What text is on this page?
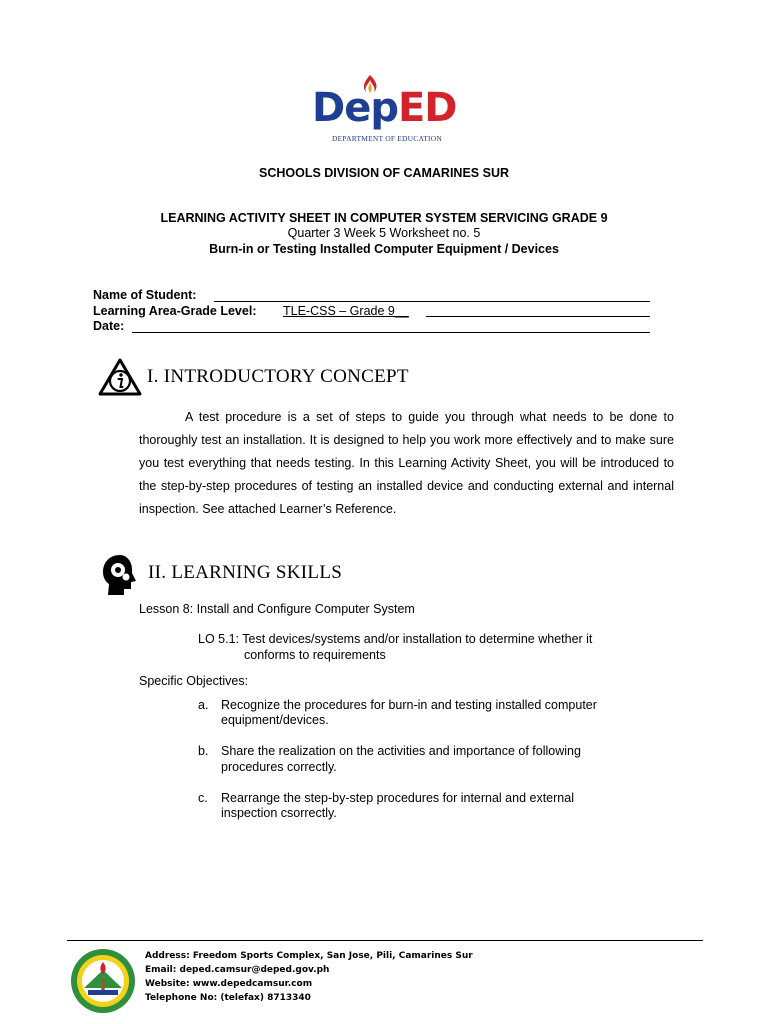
DepED
DEPARTMENT OF EDUCATION
SCHOOLS DIVISION OF CAMARINES SUR
LEARNING ACTIVITY SHEET IN COMPUTER SYSTEM SERVICING GRADE 9
Quarter 3 Week 5 Worksheet no. 5
Burn-in or Testing Installed Computer Equipment / Devices
Name of Student:
Learning Area-Grade Level: TLE-CSS – Grade 9__
Date:
I. INTRODUCTORY CONCEPT
A test procedure is a set of steps to guide you through what needs to be done to thoroughly test an installation. It is designed to help you work more effectively and to make sure you test everything that needs testing. In this Learning Activity Sheet, you will be introduced to the step-by-step procedures of testing an installed device and conducting external and internal inspection. See attached Learner’s Reference.
II. LEARNING SKILLS
Lesson 8: Install and Configure Computer System
LO 5.1: Test devices/systems and/or installation to determine whether it
conforms to requirements
Specific Objectives:
a. Recognize the procedures for burn-in and testing installed computer
equipment/devices.
b. Share the realization on the activities and importance of following
procedures correctly.
c. Rearrange the step-by-step procedures for internal and external
inspection csorrectly.
Address: Freedom Sports Complex, San Jose, Pili, Camarines Sur
Email: deped.camsur@deped.gov.ph
Website: www.depedcamsur.com
Telephone No: (telefax) 8713340
